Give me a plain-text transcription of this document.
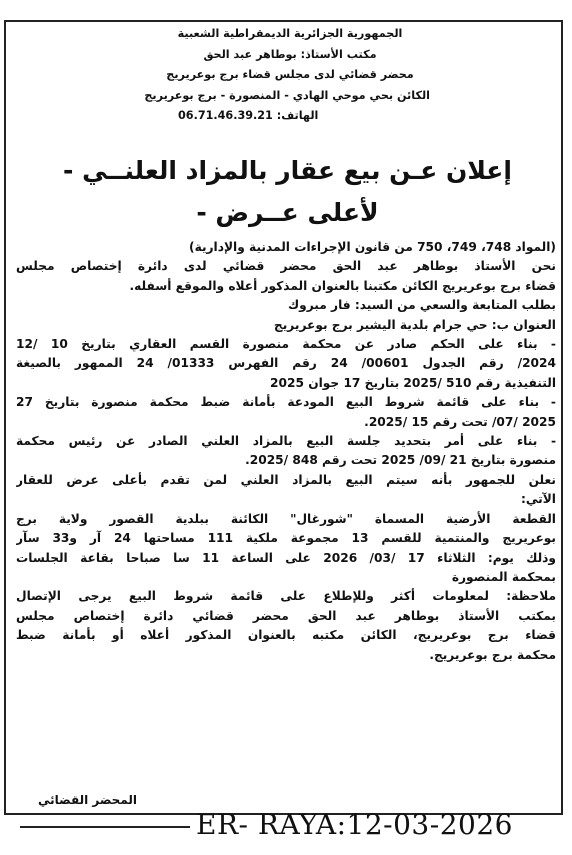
الجمهورية الجزائرية الديمقراطية الشعبية
مكتب الأستاذ: بوطاهر عبد الحق
محضر قضائي لدى مجلس قضاء برج بوعريريج
الكائن بحي موحي الهادي - المنصورة - برج بوعريريج
الهاتف: 06.71.46.39.21
إعلان عـن بيع عقار بالمزاد العلنــي -
لأعلى عــرض -
(المواد 748، 749، 750 من قانون الإجراءات المدنية والإدارية)
نحن الأستاذ بوطاهر عبد الحق محضر قضائي لدى دائرة إختصاص مجلس
قضاء برج بوعريريج الكائن مكتبنا بالعنوان المذكور أعلاه والموقع أسفله.
بطلب المتابعة والسعي من السيد: فار مبروك
العنوان ب: حي جرام بلدية اليشير برج بوعريريج
- بناء على الحكم صادر عن محكمة منصورة القسم العقاري بتاريخ 10 /12
2024/ رقم الجدول 00601/ 24 رقم الفهرس 01333/ 24 الممهور بالصيغة
التنفيذية رقم 510 /2025 بتاريخ 17 جوان 2025
- بناء على قائمة شروط البيع المودعة بأمانة ضبط محكمة منصورة بتاريخ 27
2025 /07/ تحت رقم 15 /2025.
- بناء على أمر بتحديد جلسة البيع بالمزاد العلني الصادر عن رئيس محكمة
منصورة بتاريخ 21 /09/ 2025 تحت رقم 848 /2025.
نعلن للجمهور بأنه سيتم البيع بالمزاد العلني لمن تقدم بأعلى عرض للعقار
الآتي:
القطعة الأرضية المسماة "شورغال" الكائنة ببلدية القصور ولاية برج
بوعريريج والمنتمية للقسم 13 مجموعة ملكية 111 مساحتها 24 آر و33 سآر
وذلك يوم: الثلاثاء 17 /03/ 2026 على الساعة 11 سا صباحا بقاعة الجلسات
بمحكمة المنصورة
ملاحظة: لمعلومات أكثر وللإطلاع على قائمة شروط البيع يرجى الإتصال
بمكتب الأستاذ بوطاهر عبد الحق محضر قضائي دائرة إختصاص مجلس
قضاء برج بوعريريج، الكائن مكتبه بالعنوان المذكور أعلاه أو بأمانة ضبط
محكمة برج بوعريريج.
المحضر القضائي
ER- RAYA:12-03-2026
